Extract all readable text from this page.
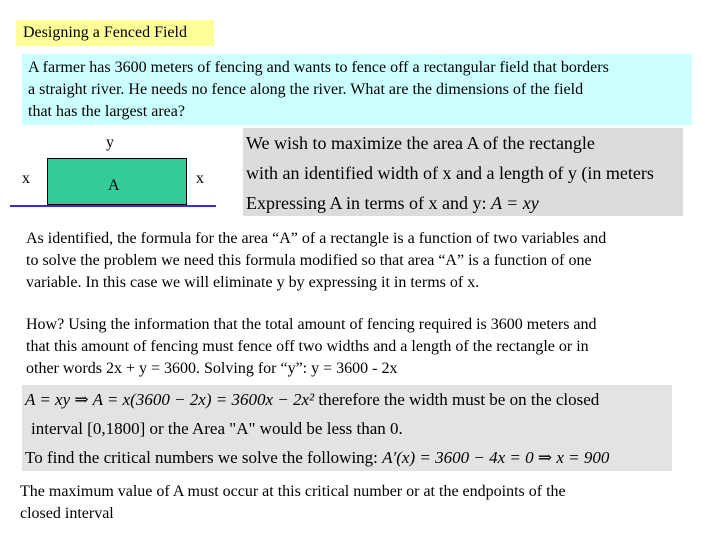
Designing a Fenced Field
A farmer has 3600 meters of fencing and wants to fence off a rectangular field that borders
a straight river. He needs no fence along the river. What are the dimensions of the field
that has the largest area?
y
x	x
A
We wish to maximize the area A of the rectangle
with an identified width of x and a length of y (in meters
Expressing A in terms of x and y: A = xy
As identified, the formula for the area “A” of a rectangle is a function of two variables and
to solve the problem we need this formula modified so that area “A” is a function of one
variable. In this case we will eliminate y by expressing it in terms of x.
How? Using the information that the total amount of fencing required is 3600 meters and
that this amount of fencing must fence off two widths and a length of the rectangle or in
other words 2x + y = 3600. Solving for “y”: y = 3600 - 2x
A = xy ⇒ A = x(3600 − 2x) = 3600x − 2x² therefore the width must be on the closed
interval [0,1800] or the Area "A" would be less than 0.
To find the critical numbers we solve the following: A′(x) = 3600 − 4x = 0 ⇒ x = 900
The maximum value of A must occur at this critical number or at the endpoints of the
closed interval
